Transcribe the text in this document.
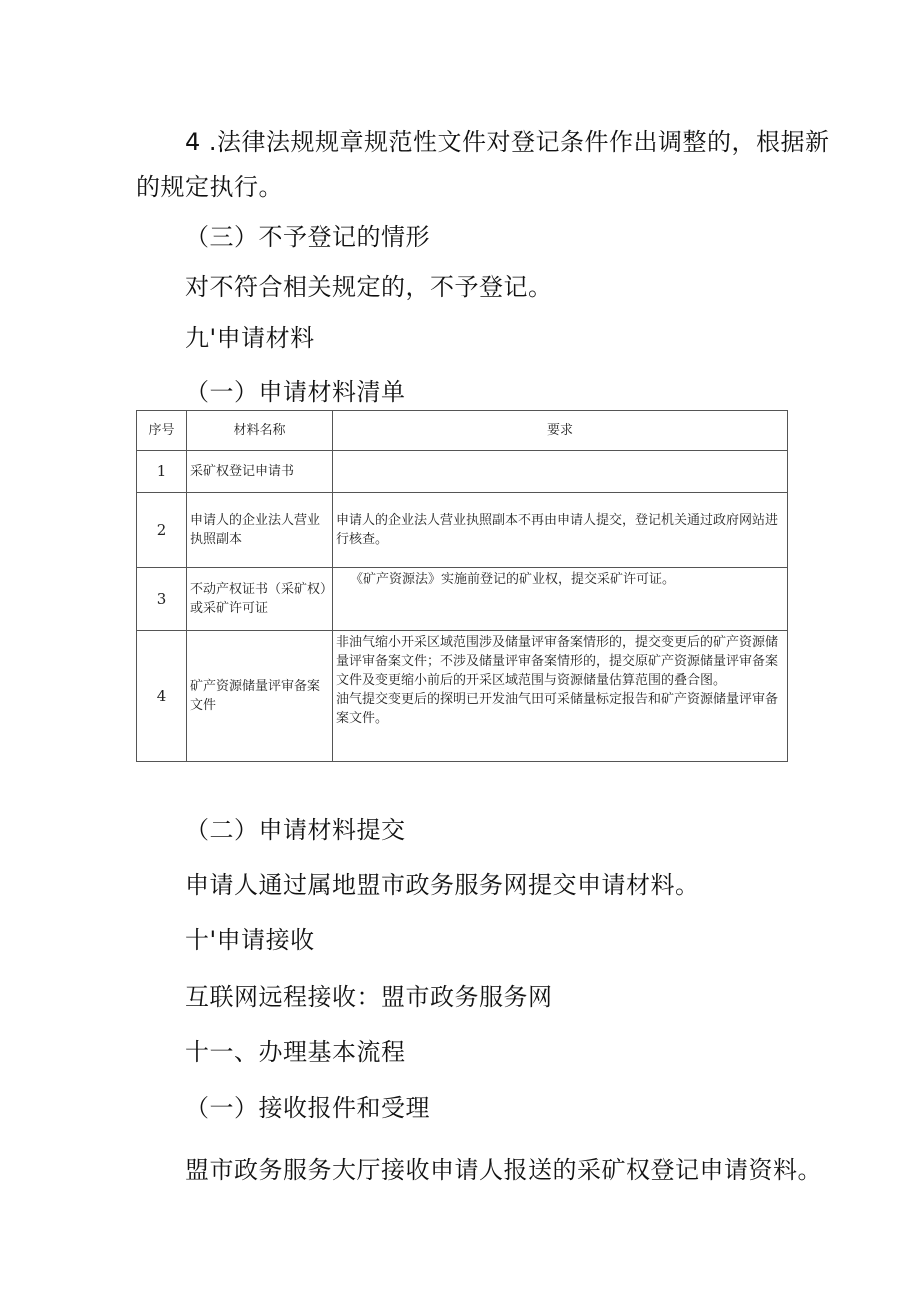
4 .法律法规规章规范性文件对登记条件作出调整的，根据新
的规定执行。
（三）不予登记的情形
对不符合相关规定的，不予登记。
九'申请材料
（一）申请材料清单
序号	材料名称	要求
1	采矿权登记申请书	

2	申请人的企业法人营业执照副本	申请人的企业法人营业执照副本不再由申请人提交，登记机关通过政府网站进行核查。

3	不动产权证书（采矿权）或采矿许可证	《矿产资源法》实施前登记的矿业权，提交采矿许可证。

4	矿产资源储量评审备案文件	非油气缩小开采区域范围涉及储量评审备案情形的，提交变更后的矿产资源储量评审备案文件；不涉及储量评审备案情形的，提交原矿产资源储量评审备案文件及变更缩小前后的开采区域范围与资源储量估算范围的叠合图。
油气提交变更后的探明已开发油气田可采储量标定报告和矿产资源储量评审备案文件。
（二）申请材料提交
申请人通过属地盟市政务服务网提交申请材料。
十'申请接收
互联网远程接收：盟市政务服务网
十一、办理基本流程
（一）接收报件和受理
盟市政务服务大厅接收申请人报送的采矿权登记申请资料。
